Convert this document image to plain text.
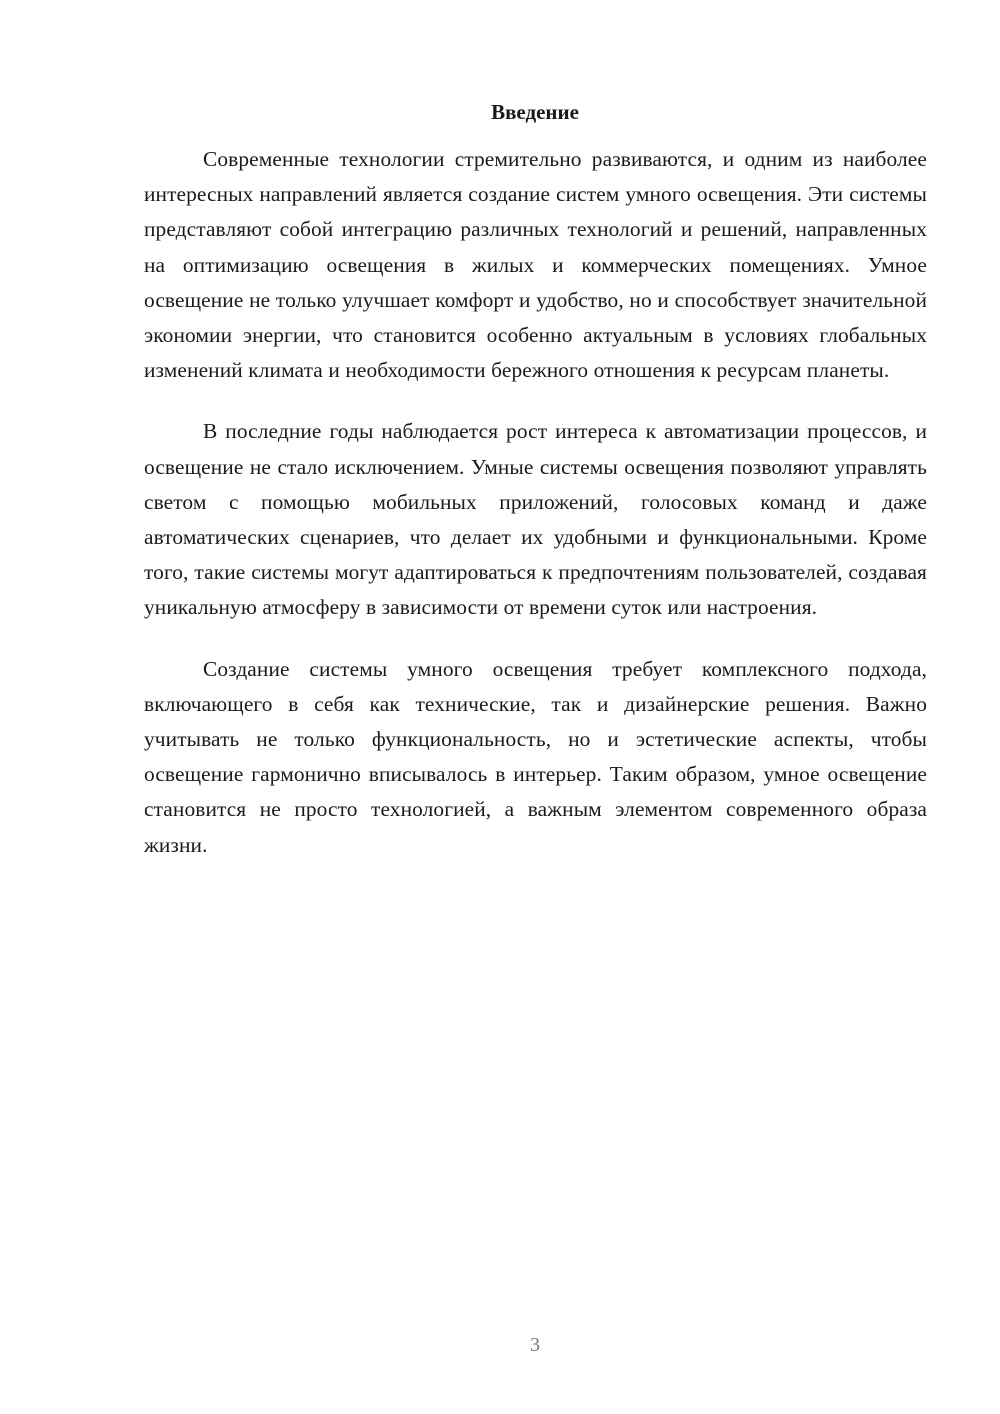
Введение

Современные технологии стремительно развиваются, и одним из наиболее интересных направлений является создание систем умного освещения. Эти системы представляют собой интеграцию различных технологий и решений, направленных на оптимизацию освещения в жилых и коммерческих помещениях. Умное освещение не только улучшает комфорт и удобство, но и способствует значительной экономии энергии, что становится особенно актуальным в условиях глобальных изменений климата и необходимости бережного отношения к ресурсам планеты.

В последние годы наблюдается рост интереса к автоматизации процессов, и освещение не стало исключением. Умные системы освещения позволяют управлять светом с помощью мобильных приложений, голосовых команд и даже автоматических сценариев, что делает их удобными и функциональными. Кроме того, такие системы могут адаптироваться к предпочтениям пользователей, создавая уникальную атмосферу в зависимости от времени суток или настроения.

Создание системы умного освещения требует комплексного подхода, включающего в себя как технические, так и дизайнерские решения. Важно учитывать не только функциональность, но и эстетические аспекты, чтобы освещение гармонично вписывалось в интерьер. Таким образом, умное освещение становится не просто технологией, а важным элементом современного образа жизни.

3
